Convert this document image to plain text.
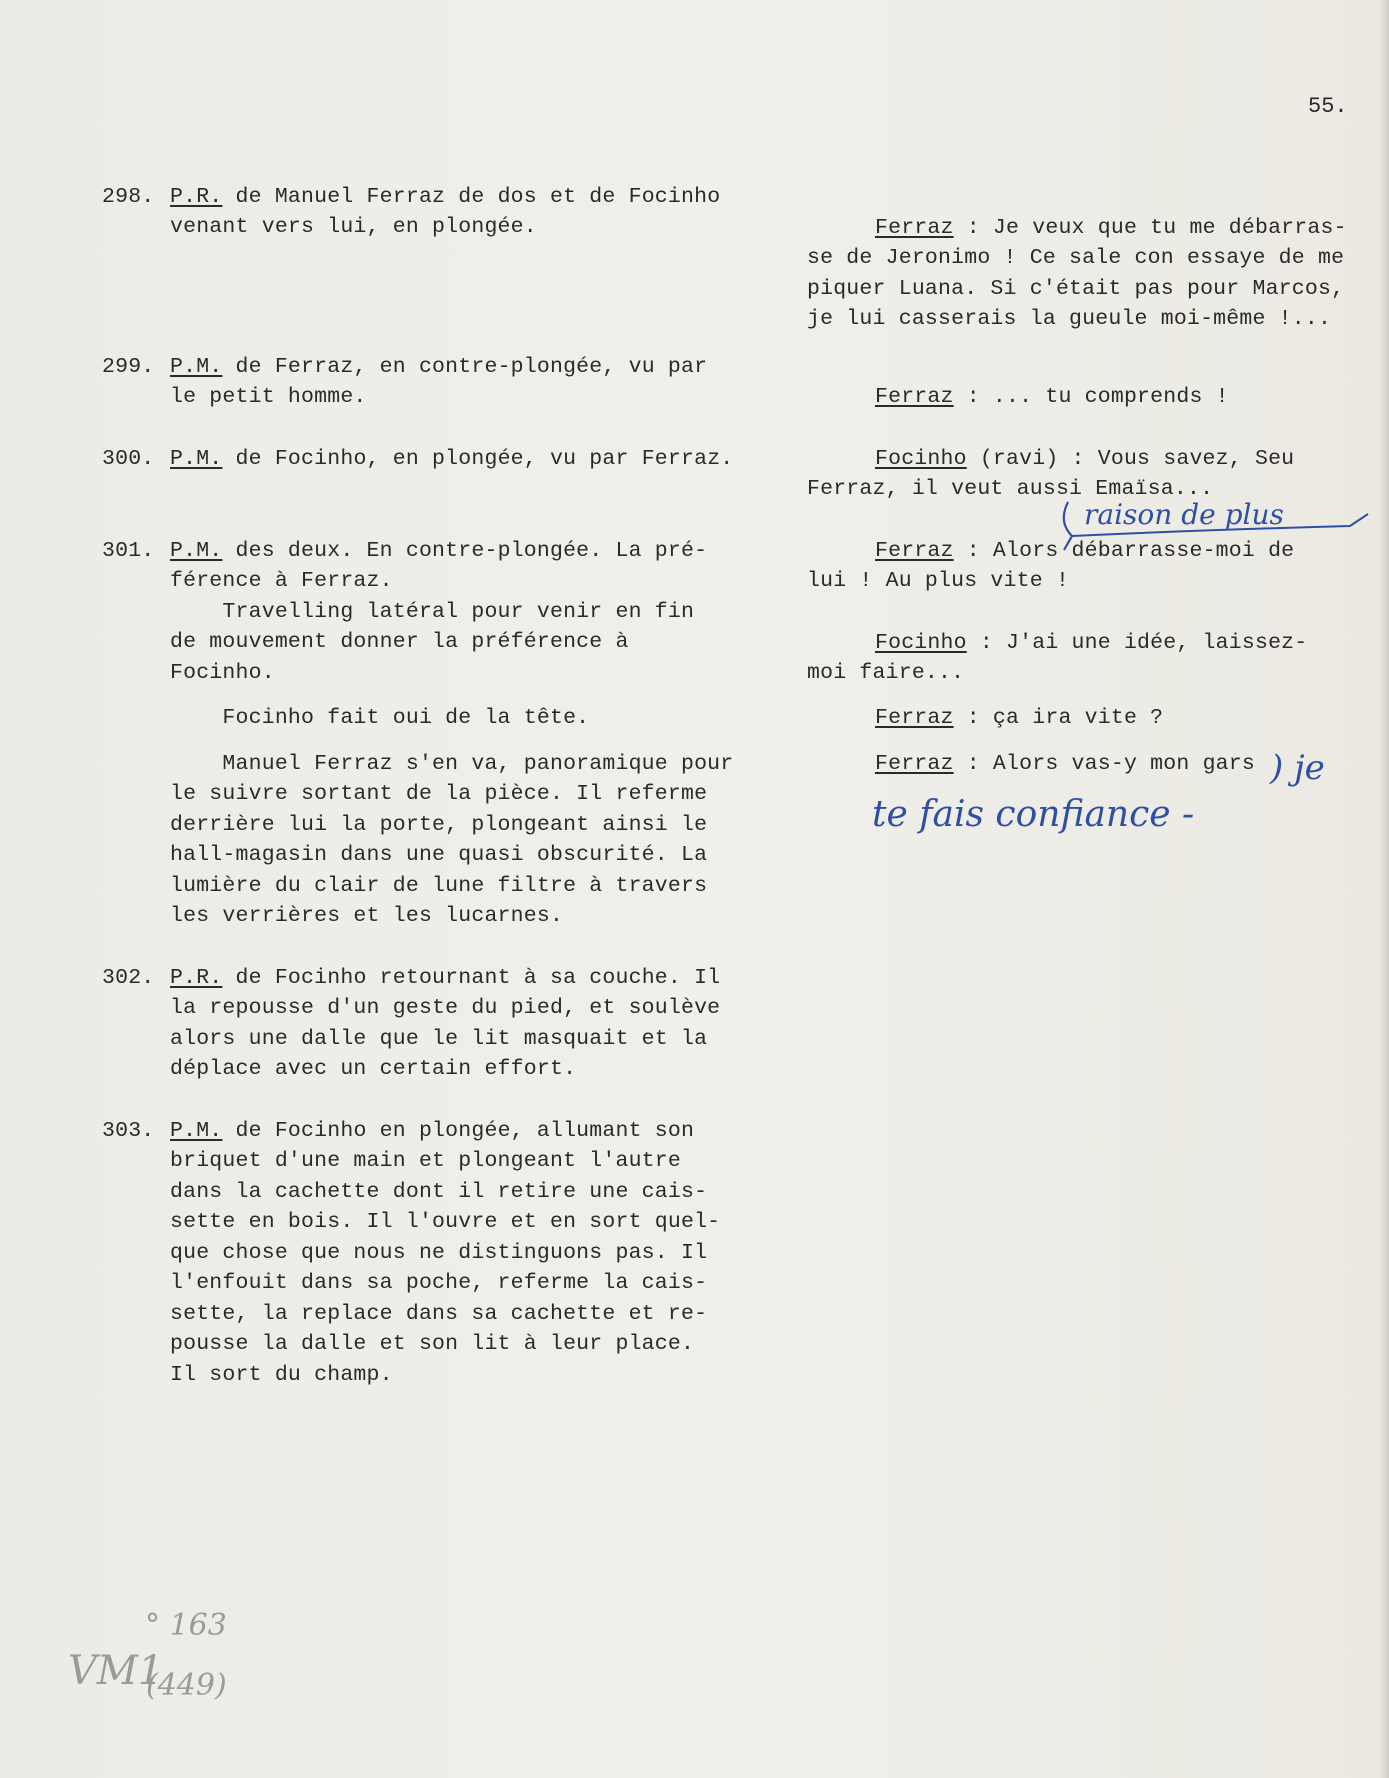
55.
298. P.R. de Manuel Ferraz de dos et de Focinho
venant vers lui, en plongée.
299. P.M. de Ferraz, en contre-plongée, vu par
le petit homme.
300. P.M. de Focinho, en plongée, vu par Ferraz.
301. P.M. des deux. En contre-plongée. La pré-
férence à Ferraz.
Travelling latéral pour venir en fin
de mouvement donner la préférence à
Focinho.
Focinho fait oui de la tête.
Manuel Ferraz s'en va, panoramique pour
le suivre sortant de la pièce. Il referme
derrière lui la porte, plongeant ainsi le
hall-magasin dans une quasi obscurité. La
lumière du clair de lune filtre à travers
les verrières et les lucarnes.
302. P.R. de Focinho retournant à sa couche. Il
la repousse d'un geste du pied, et soulève
alors une dalle que le lit masquait et la
déplace avec un certain effort.
303. P.M. de Focinho en plongée, allumant son
briquet d'une main et plongeant l'autre
dans la cachette dont il retire une cais-
sette en bois. Il l'ouvre et en sort quel-
que chose que nous ne distinguons pas. Il
l'enfouit dans sa poche, referme la cais-
sette, la replace dans sa cachette et re-
pousse la dalle et son lit à leur place.
Il sort du champ.
Ferraz : Je veux que tu me débarras-
se de Jeronimo ! Ce sale con essaye de me
piquer Luana. Si c'était pas pour Marcos,
je lui casserais la gueule moi-même !...
Ferraz : ... tu comprends !
Focinho (ravi) : Vous savez, Seu
Ferraz, il veut aussi Emaïsa...
Ferraz : Alors débarrasse-moi de
lui ! Au plus vite !
Focinho : J'ai une idée, laissez-
moi faire...
Ferraz : ça ira vite ?
Ferraz : Alors vas-y mon gars
raison de plus
) je
te fais confiance -
° 163
VM1
(449)
